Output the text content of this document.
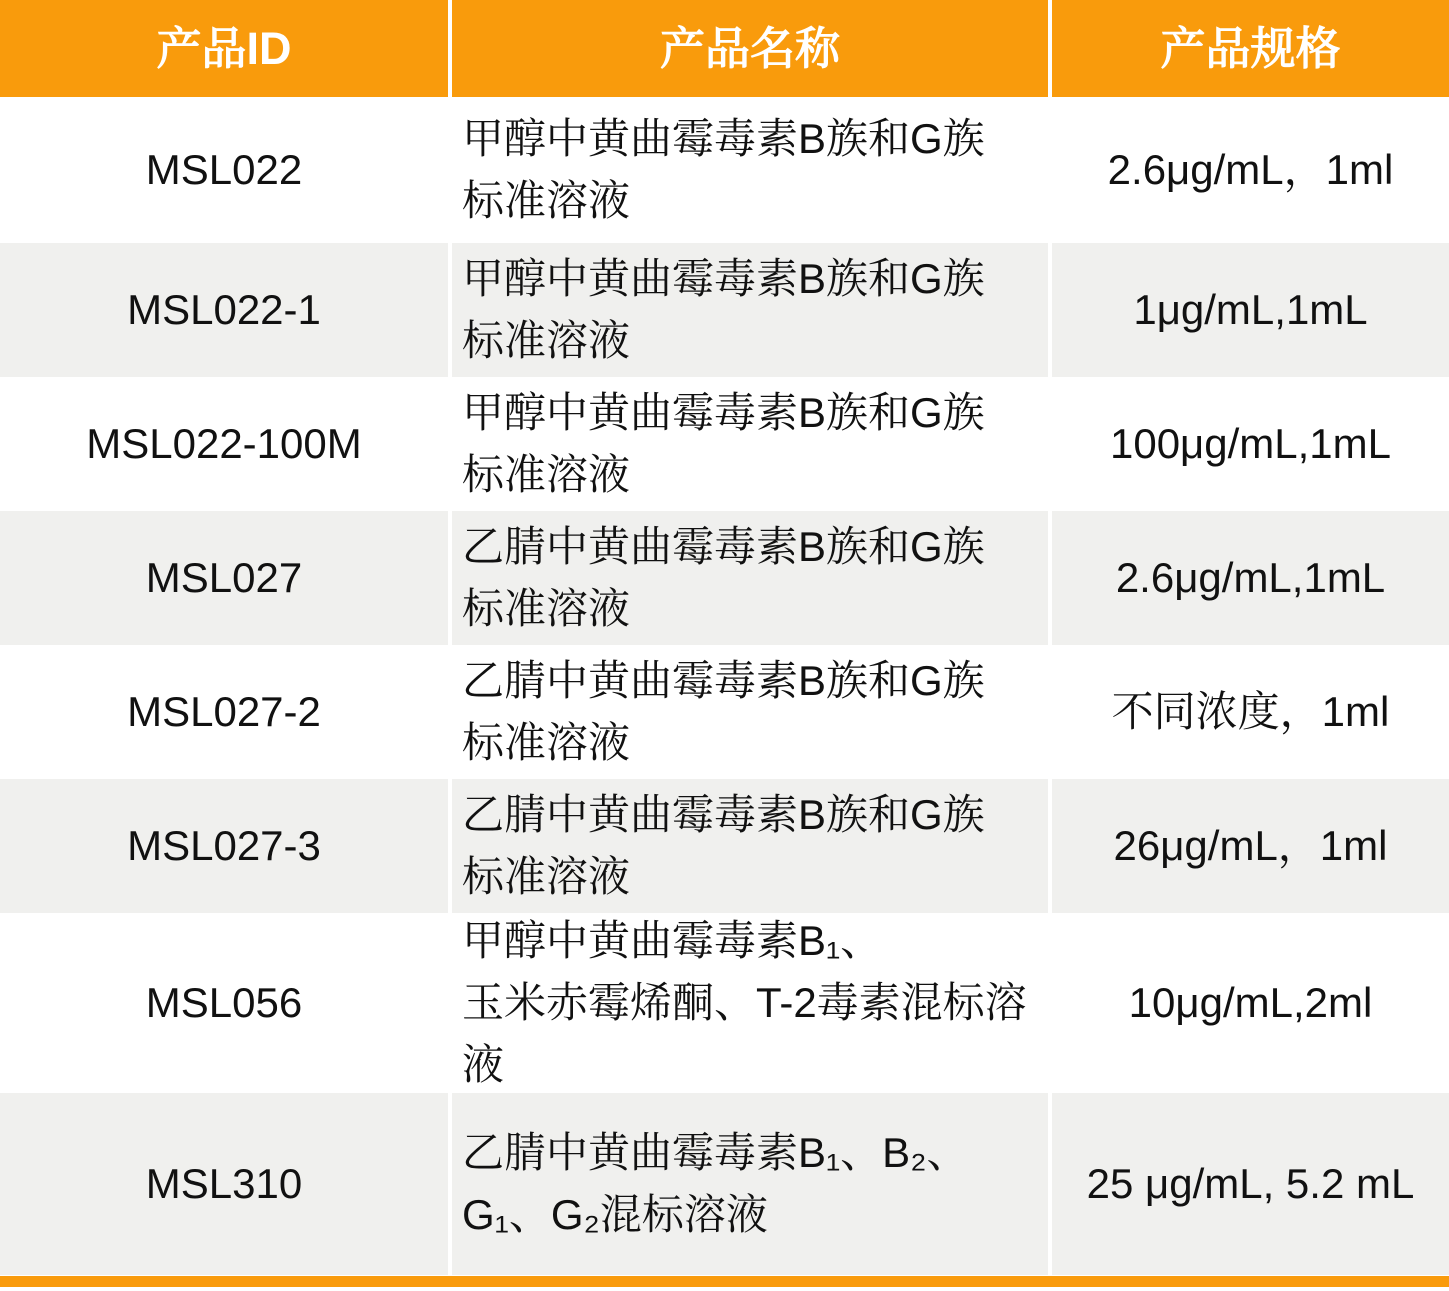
产品ID	产品名称	产品规格
MSL022
甲醇中黄曲霉毒素B族和G族
标准溶液
2.6μg/mL，1ml
MSL022-1
甲醇中黄曲霉毒素B族和G族
标准溶液
1μg/mL,1mL
MSL022-100M
甲醇中黄曲霉毒素B族和G族
标准溶液
100μg/mL,1mL
MSL027
乙腈中黄曲霉毒素B族和G族
标准溶液
2.6μg/mL,1mL
MSL027-2
乙腈中黄曲霉毒素B族和G族
标准溶液
不同浓度，1ml
MSL027-3
乙腈中黄曲霉毒素B族和G族
标准溶液
26μg/mL，1ml
MSL056
甲醇中黄曲霉毒素B₁、
玉米赤霉烯酮、T-2毒素混标溶液
10μg/mL,2ml
MSL310
乙腈中黄曲霉毒素B₁、B₂、
G₁、G₂混标溶液
25 μg/mL, 5.2 mL
